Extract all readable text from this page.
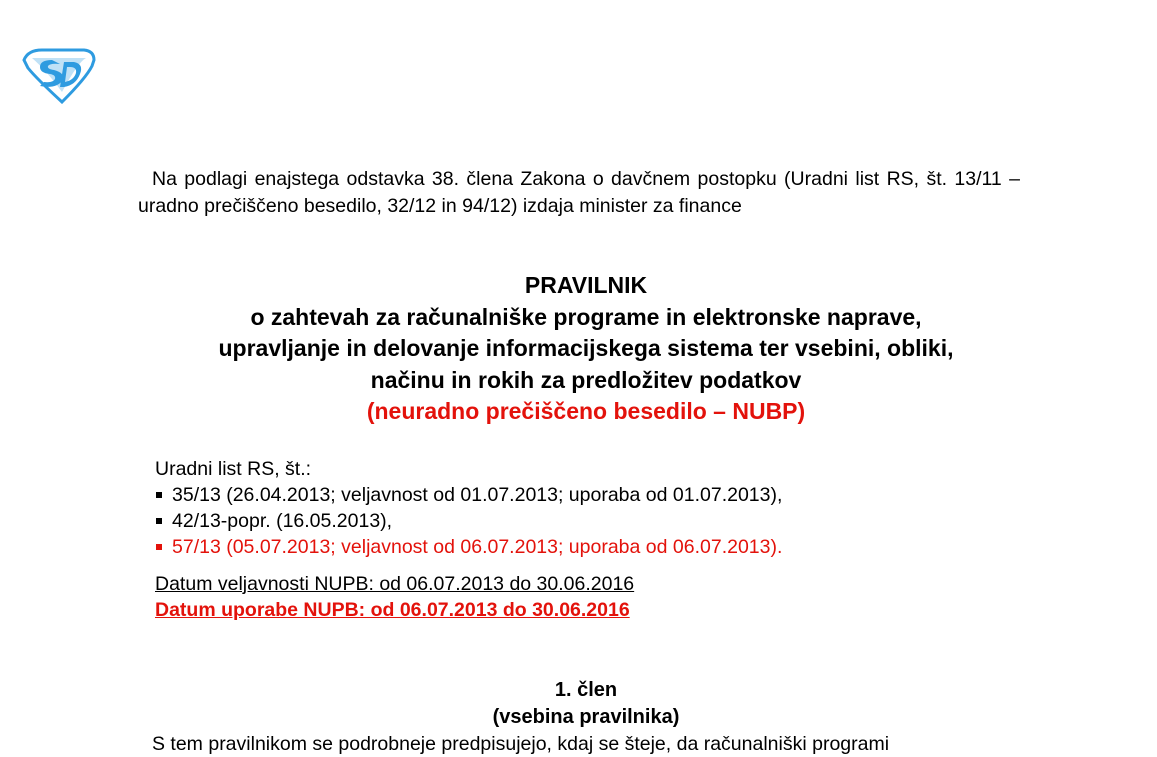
Na podlagi enajstega odstavka 38. člena Zakona o davčnem postopku (Uradni list RS, št. 13/11 – uradno prečiščeno besedilo, 32/12 in 94/12) izdaja minister za finance

PRAVILNIK
o zahtevah za računalniške programe in elektronske naprave,
upravljanje in delovanje informacijskega sistema ter vsebini, obliki,
načinu in rokih za predložitev podatkov
(neuradno prečiščeno besedilo – NUBP)
Uradni list RS, št.:
35/13 (26.04.2013; veljavnost od 01.07.2013; uporaba od 01.07.2013),
42/13-popr. (16.05.2013),
57/13 (05.07.2013; veljavnost od 06.07.2013; uporaba od 06.07.2013).
Datum veljavnosti NUPB: od 06.07.2013 do 30.06.2016
Datum uporabe NUPB: od 06.07.2013 do 30.06.2016
1. člen
(vsebina pravilnika)
S tem pravilnikom se podrobneje predpisujejo, kdaj se šteje, da računalniški programi
